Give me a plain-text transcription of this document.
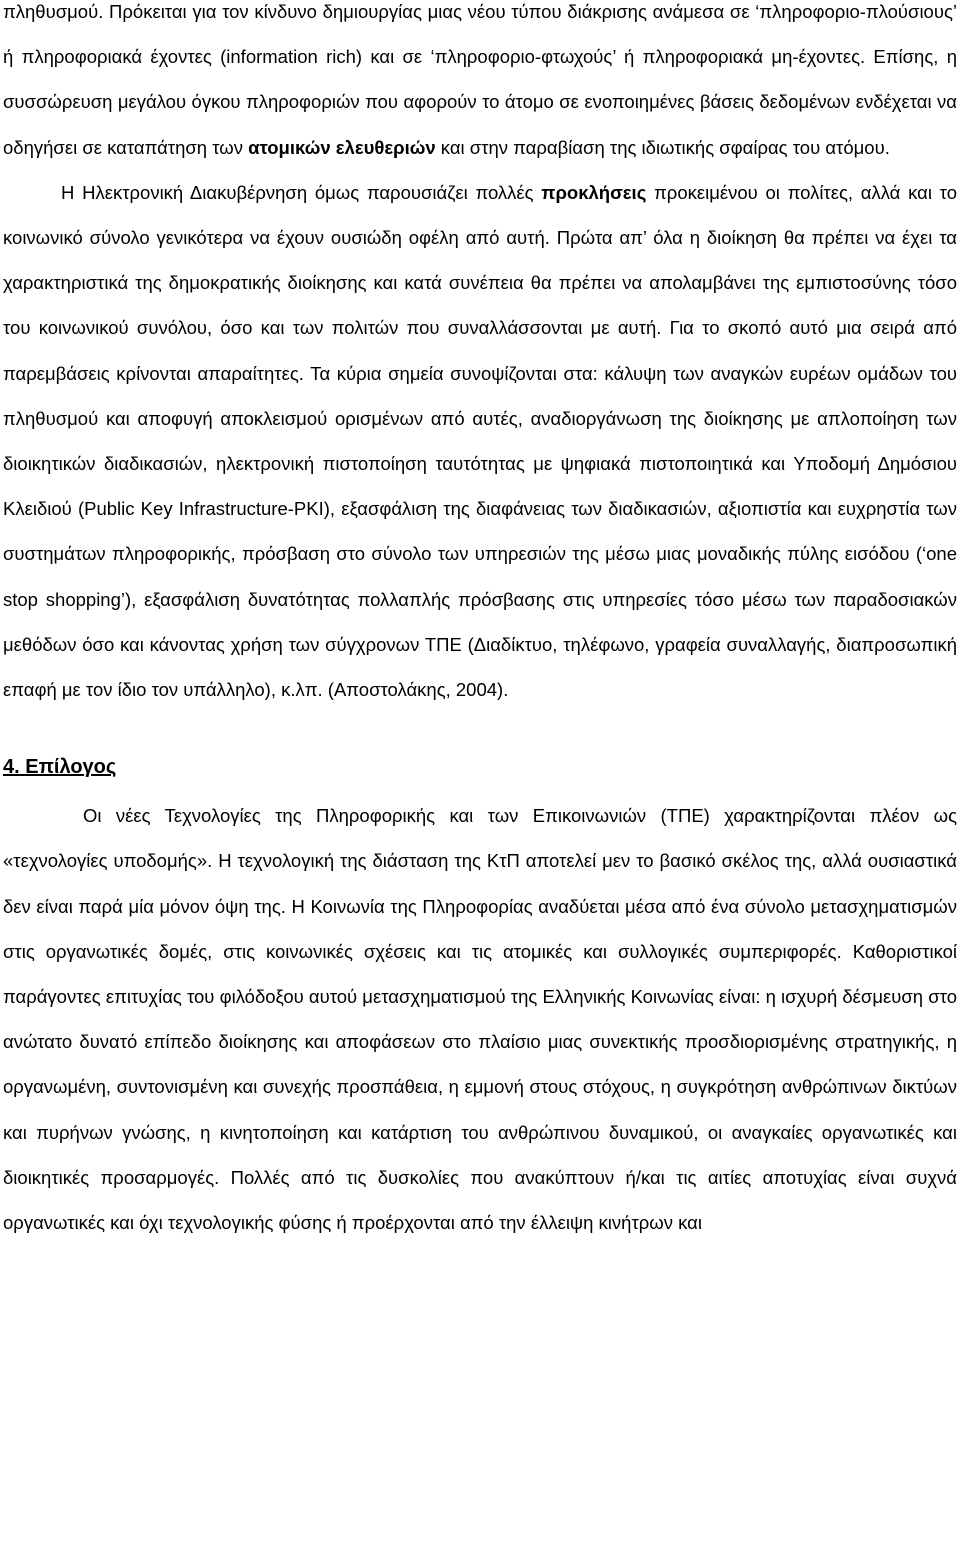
πληθυσμού. Πρόκειται για τον κίνδυνο δημιουργίας μιας νέου τύπου διάκρισης ανάμεσα σε ‘πληροφοριο-πλούσιους’ ή πληροφοριακά έχοντες (information rich) και σε ‘πληροφοριο-φτωχούς’ ή πληροφοριακά μη-έχοντες. Επίσης, η συσσώρευση μεγάλου όγκου πληροφοριών που αφορούν το άτομο σε ενοποιημένες βάσεις δεδομένων ενδέχεται να οδηγήσει σε καταπάτηση των ατομικών ελευθεριών και στην παραβίαση της ιδιωτικής σφαίρας του ατόμου.

Η Ηλεκτρονική Διακυβέρνηση όμως παρουσιάζει πολλές προκλήσεις προκειμένου οι πολίτες, αλλά και το κοινωνικό σύνολο γενικότερα να έχουν ουσιώδη οφέλη από αυτή. Πρώτα απ’ όλα η διοίκηση θα πρέπει να έχει τα χαρακτηριστικά της δημοκρατικής διοίκησης και κατά συνέπεια θα πρέπει να απολαμβάνει της εμπιστοσύνης τόσο του κοινωνικού συνόλου, όσο και των πολιτών που συναλλάσσονται με αυτή. Για το σκοπό αυτό μια σειρά από παρεμβάσεις κρίνονται απαραίτητες. Τα κύρια σημεία συνοψίζονται στα: κάλυψη των αναγκών ευρέων ομάδων του πληθυσμού και αποφυγή αποκλεισμού ορισμένων από αυτές, αναδιοργάνωση της διοίκησης με απλοποίηση των διοικητικών διαδικασιών, ηλεκτρονική πιστοποίηση ταυτότητας με ψηφιακά πιστοποιητικά και Υποδομή Δημόσιου Κλειδιού (Public Key Infrastructure-PKI), εξασφάλιση της διαφάνειας των διαδικασιών, αξιοπιστία και ευχρηστία των συστημάτων πληροφορικής, πρόσβαση στο σύνολο των υπηρεσιών της μέσω μιας μοναδικής πύλης εισόδου (‘one stop shopping’), εξασφάλιση δυνατότητας πολλαπλής πρόσβασης στις υπηρεσίες τόσο μέσω των παραδοσιακών μεθόδων όσο και κάνοντας χρήση των σύγχρονων ΤΠΕ (Διαδίκτυο, τηλέφωνο, γραφεία συναλλαγής, διαπροσωπική επαφή με τον ίδιο τον υπάλληλο), κ.λπ. (Αποστολάκης, 2004).

4. Επίλογος

Οι νέες Τεχνολογίες της Πληροφορικής και των Επικοινωνιών (ΤΠΕ) χαρακτηρίζονται πλέον ως «τεχνολογίες υποδομής». Η τεχνολογική της διάσταση της ΚτΠ αποτελεί μεν το βασικό σκέλος της, αλλά ουσιαστικά δεν είναι παρά μία μόνον όψη της. Η Κοινωνία της Πληροφορίας αναδύεται μέσα από ένα σύνολο μετασχηματισμών στις οργανωτικές δομές, στις κοινωνικές σχέσεις και τις ατομικές και συλλογικές συμπεριφορές. Καθοριστικοί παράγοντες επιτυχίας του φιλόδοξου αυτού μετασχηματισμού της Ελληνικής Κοινωνίας είναι: η ισχυρή δέσμευση στο ανώτατο δυνατό επίπεδο διοίκησης και αποφάσεων στο πλαίσιο μιας συνεκτικής προσδιορισμένης στρατηγικής, η οργανωμένη, συντονισμένη και συνεχής προσπάθεια, η εμμονή στους στόχους, η συγκρότηση ανθρώπινων δικτύων και πυρήνων γνώσης, η κινητοποίηση και κατάρτιση του ανθρώπινου δυναμικού, οι αναγκαίες οργανωτικές και διοικητικές προσαρμογές. Πολλές από τις δυσκολίες που ανακύπτουν ή/και τις αιτίες αποτυχίας είναι συχνά οργανωτικές και όχι τεχνολογικής φύσης ή προέρχονται από την έλλειψη κινήτρων και
